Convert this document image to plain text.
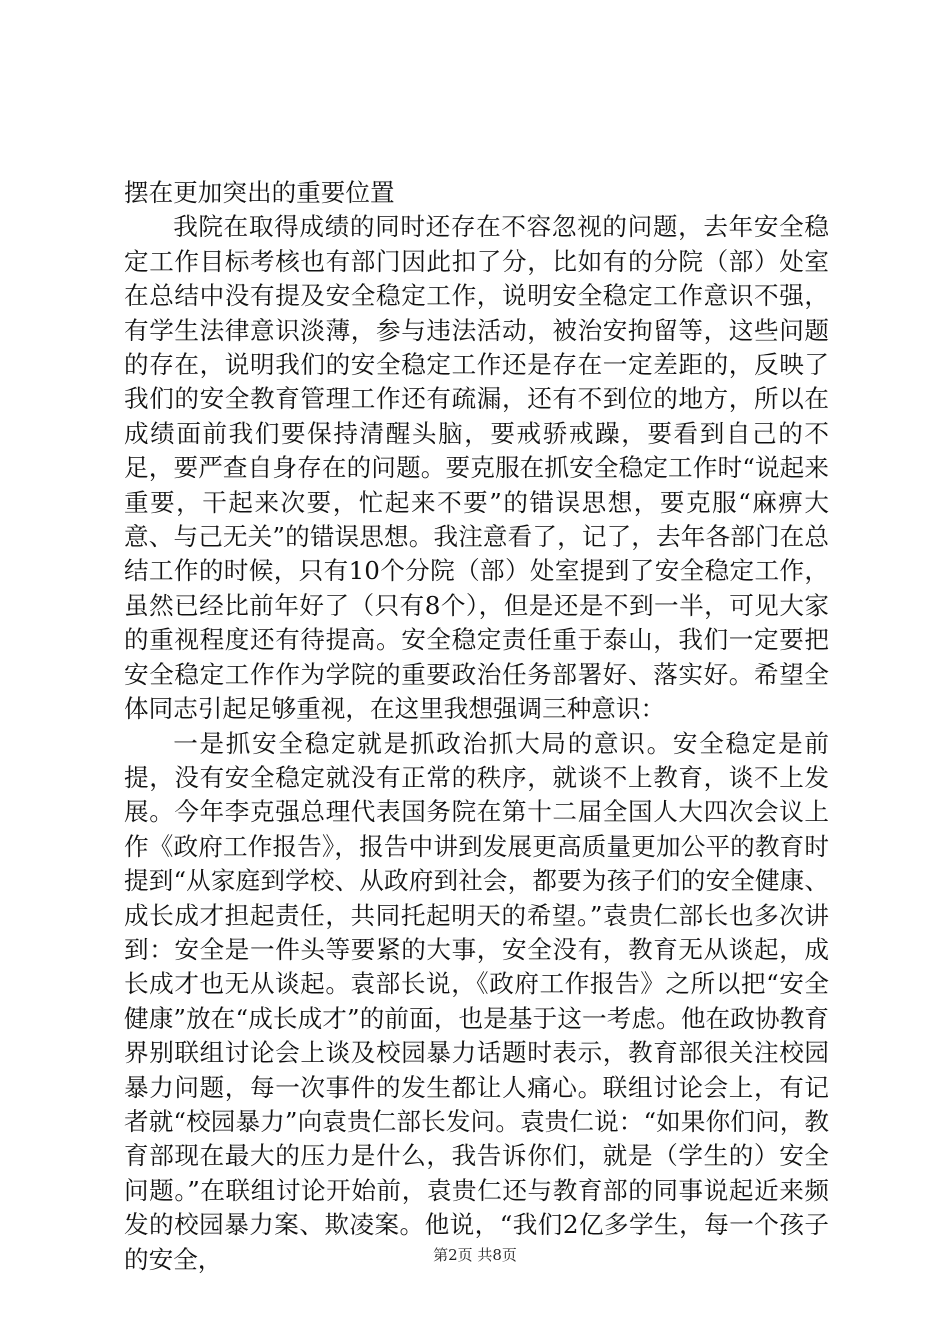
摆在更加突出的重要位置

我院在取得成绩的同时还存在不容忽视的问题，去年安全稳定工作目标考核也有部门因此扣了分，比如有的分院（部）处室在总结中没有提及安全稳定工作，说明安全稳定工作意识不强，有学生法律意识淡薄，参与违法活动，被治安拘留等，这些问题的存在，说明我们的安全稳定工作还是存在一定差距的，反映了我们的安全教育管理工作还有疏漏，还有不到位的地方，所以在成绩面前我们要保持清醒头脑，要戒骄戒躁，要看到自己的不足，要严查自身存在的问题。要克服在抓安全稳定工作时“说起来重要，干起来次要，忙起来不要”的错误思想，要克服“麻痹大意、与己无关”的错误思想。我注意看了，记了，去年各部门在总结工作的时候，只有10个分院（部）处室提到了安全稳定工作，虽然已经比前年好了（只有8个），但是还是不到一半，可见大家的重视程度还有待提高。安全稳定责任重于泰山，我们一定要把安全稳定工作作为学院的重要政治任务部署好、落实好。希望全体同志引起足够重视，在这里我想强调三种意识：

一是抓安全稳定就是抓政治抓大局的意识。安全稳定是前提，没有安全稳定就没有正常的秩序，就谈不上教育，谈不上发展。今年李克强总理代表国务院在第十二届全国人大四次会议上作《政府工作报告》，报告中讲到发展更高质量更加公平的教育时提到“从家庭到学校、从政府到社会，都要为孩子们的安全健康、成长成才担起责任，共同托起明天的希望。”袁贵仁部长也多次讲到：安全是一件头等要紧的大事，安全没有，教育无从谈起，成长成才也无从谈起。袁部长说，《政府工作报告》之所以把“安全健康”放在“成长成才”的前面，也是基于这一考虑。他在政协教育界别联组讨论会上谈及校园暴力话题时表示，教育部很关注校园暴力问题，每一次事件的发生都让人痛心。联组讨论会上，有记者就“校园暴力”向袁贵仁部长发问。袁贵仁说：“如果你们问，教育部现在最大的压力是什么，我告诉你们，就是（学生的）安全问题。”在联组讨论开始前，袁贵仁还与教育部的同事说起近来频发的校园暴力案、欺凌案。他说，“我们2亿多学生，每一个孩子的安全，	第2页 共8页
